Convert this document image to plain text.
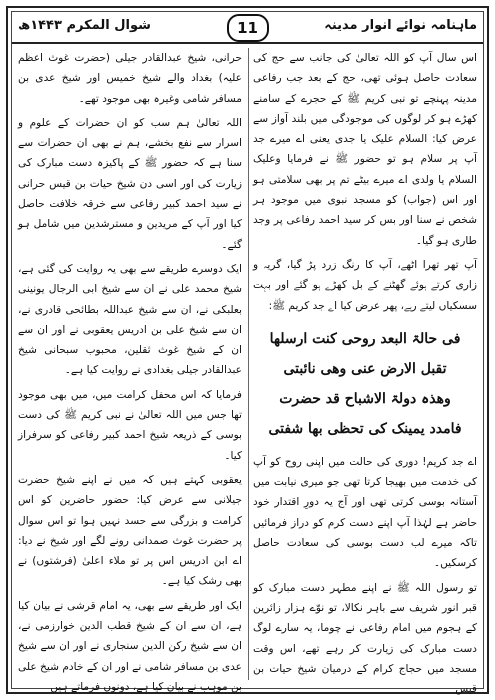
شوال المکرم ۱۴۴۳ھ	11	ماہنامہ نوائے انوار مدینہ

اس سال آپ کو اللہ تعالیٰ کی جانب سے حج کی سعادت حاصل ہوئی تھی، حج کے بعد جب رفاعی مدینہ پہنچے تو نبی کریم ﷺ کے حجرے کے سامنے کھڑے ہو کر لوگوں کی موجودگی میں بلند آواز سے عرض کیا: السلام علیک یا جدی یعنی اے میرے جد آپ پر سلام ہو تو حضور ﷺ نے فرمایا وعلیک السلام یا ولدی اے میرے بیٹے تم پر بھی سلامتی ہو اور اس (جواب) کو مسجد نبوی میں موجود ہر شخص نے سنا اور بس کر سید احمد رفاعی پر وجد طاری ہو گیا۔

آپ تھر تھرا اٹھے، آپ کا رنگ زرد پڑ گیا، گریہ و زاری کرتے ہوئے گھٹنے کے بل کھڑے ہو گئے اور بہت سسکیاں لیتے رہے، پھر عرض کیا اے جد کریم ﷺ:

فی حالۃ البعد روحی کنت ارسلھا
تقبل الارض عنی وھی نائبتی
وھذہ دولۃ الاشباح قد حضرت
فامدد یمینک کی تحظی بھا شفتی

اے جد کریم! دوری کی حالت میں اپنی روح کو آپ کی خدمت میں بھیجا کرتا تھی جو میری نیابت میں آستانہ بوسی کرتی تھی اور آج یہ دورِ اقتدار خود حاضر ہے لہٰذا آپ اپنے دست کرم کو دراز فرمائیں تاکہ میرے لب دست بوسی کی سعادت حاصل کرسکیں۔

تو رسول اللہ ﷺ نے اپنے مطہر دست مبارک کو قبر انور شریف سے باہر نکالا، تو نوّے ہزار زائرین کے ہجوم میں امام رفاعی نے چوما، یہ سارے لوگ دست مبارک کی زیارت کر رہے تھے، اس وقت مسجد میں حجاج کرام کے درمیان شیخ حیات بن قیس

حرانی، شیخ عبدالقادر جیلی (حضرت غوث اعظم علیہ) بغداد والے شیخ خمیس اور شیخ عدی بن مسافر شامی وغیرہ بھی موجود تھے۔

اللہ تعالیٰ ہم سب کو ان حضرات کے علوم و اسرار سے نفع بخشے، ہم نے بھی ان حضرات سے سنا ہے کہ حضور ﷺ کے پاکیزہ دست مبارک کی زیارت کی اور اسی دن شیخ حیات بن قیس حرانی نے سید احمد کبیر رفاعی سے خرقہ خلافت حاصل کیا اور آپ کے مریدین و مسترشدین میں شامل ہو گئے۔

ایک دوسرے طریقے سے بھی یہ روایت کی گئی ہے، شیخ محمد علی نے ان سے شیخ ابی الرجال یونینی بعلبکی نے، ان سے شیخ عبداللہ بطائحی قادری نے، ان سے شیخ علی بن ادریس یعقوبی نے اور ان سے ان کے شیخ غوث ثقلین، محبوب سبحانی شیخ عبدالقادر جیلی بغدادی نے روایت کیا ہے۔

فرمایا کہ اس محفل کرامت میں، میں بھی موجود تھا جس میں اللہ تعالیٰ نے نبی کریم ﷺ کی دست بوسی کے ذریعہ شیخ احمد کبیر رفاعی کو سرفراز کیا۔

یعقوبی کہتے ہیں کہ میں نے اپنے شیخ حضرت جیلانی سے عرض کیا: حضور حاضرین کو اس کرامت و بزرگی سے حسد نہیں ہوا تو اس سوال پر حضرت غوث صمدانی رونے لگے اور شیخ نے دیا: اے ابن ادریس اس پر تو ملاء اعلیٰ (فرشتوں) نے بھی رشک کیا ہے۔

ایک اور طریقے سے بھی، یہ امام قرشی نے بیان کیا ہے، ان سے ان کے شیخ قطب الدین خوارزمی نے، ان سے شیخ رکن الدین سنجاری نے اور ان سے شیخ عدی بن مسافر شامی نے اور ان کے خادم شیخ علی بن موہب نے بیان کیا ہے، دونوں فرماتے ہیں
